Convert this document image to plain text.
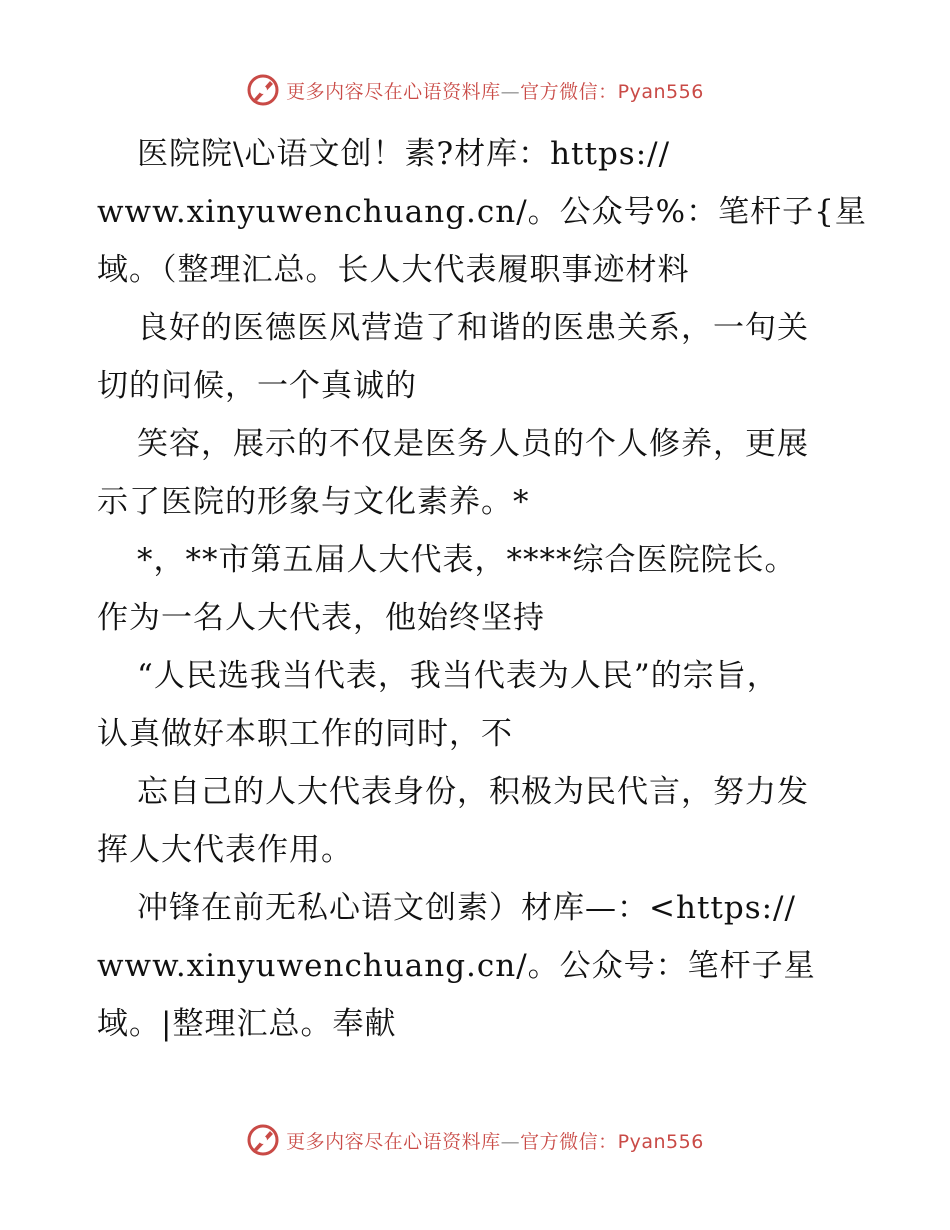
更多内容尽在心语资料库—官方微信：Pyan556
医院院\心语文创！素?材库：https://
www.xinyuwenchuang.cn/。公众号%：笔杆子{星
域。（整理汇总。长人大代表履职事迹材料
良好的医德医风营造了和谐的医患关系，一句关
切的问候，一个真诚的
笑容，展示的不仅是医务人员的个人修养，更展
示了医院的形象与文化素养。*
*，**市第五届人大代表，****综合医院院长。
作为一名人大代表，他始终坚持
“人民选我当代表，我当代表为人民”的宗旨，
认真做好本职工作的同时，不
忘自己的人大代表身份，积极为民代言，努力发
挥人大代表作用。
冲锋在前无私心语文创素）材库—：<https://
www.xinyuwenchuang.cn/。公众号：笔杆子星
域。|整理汇总。奉献
更多内容尽在心语资料库—官方微信：Pyan556
